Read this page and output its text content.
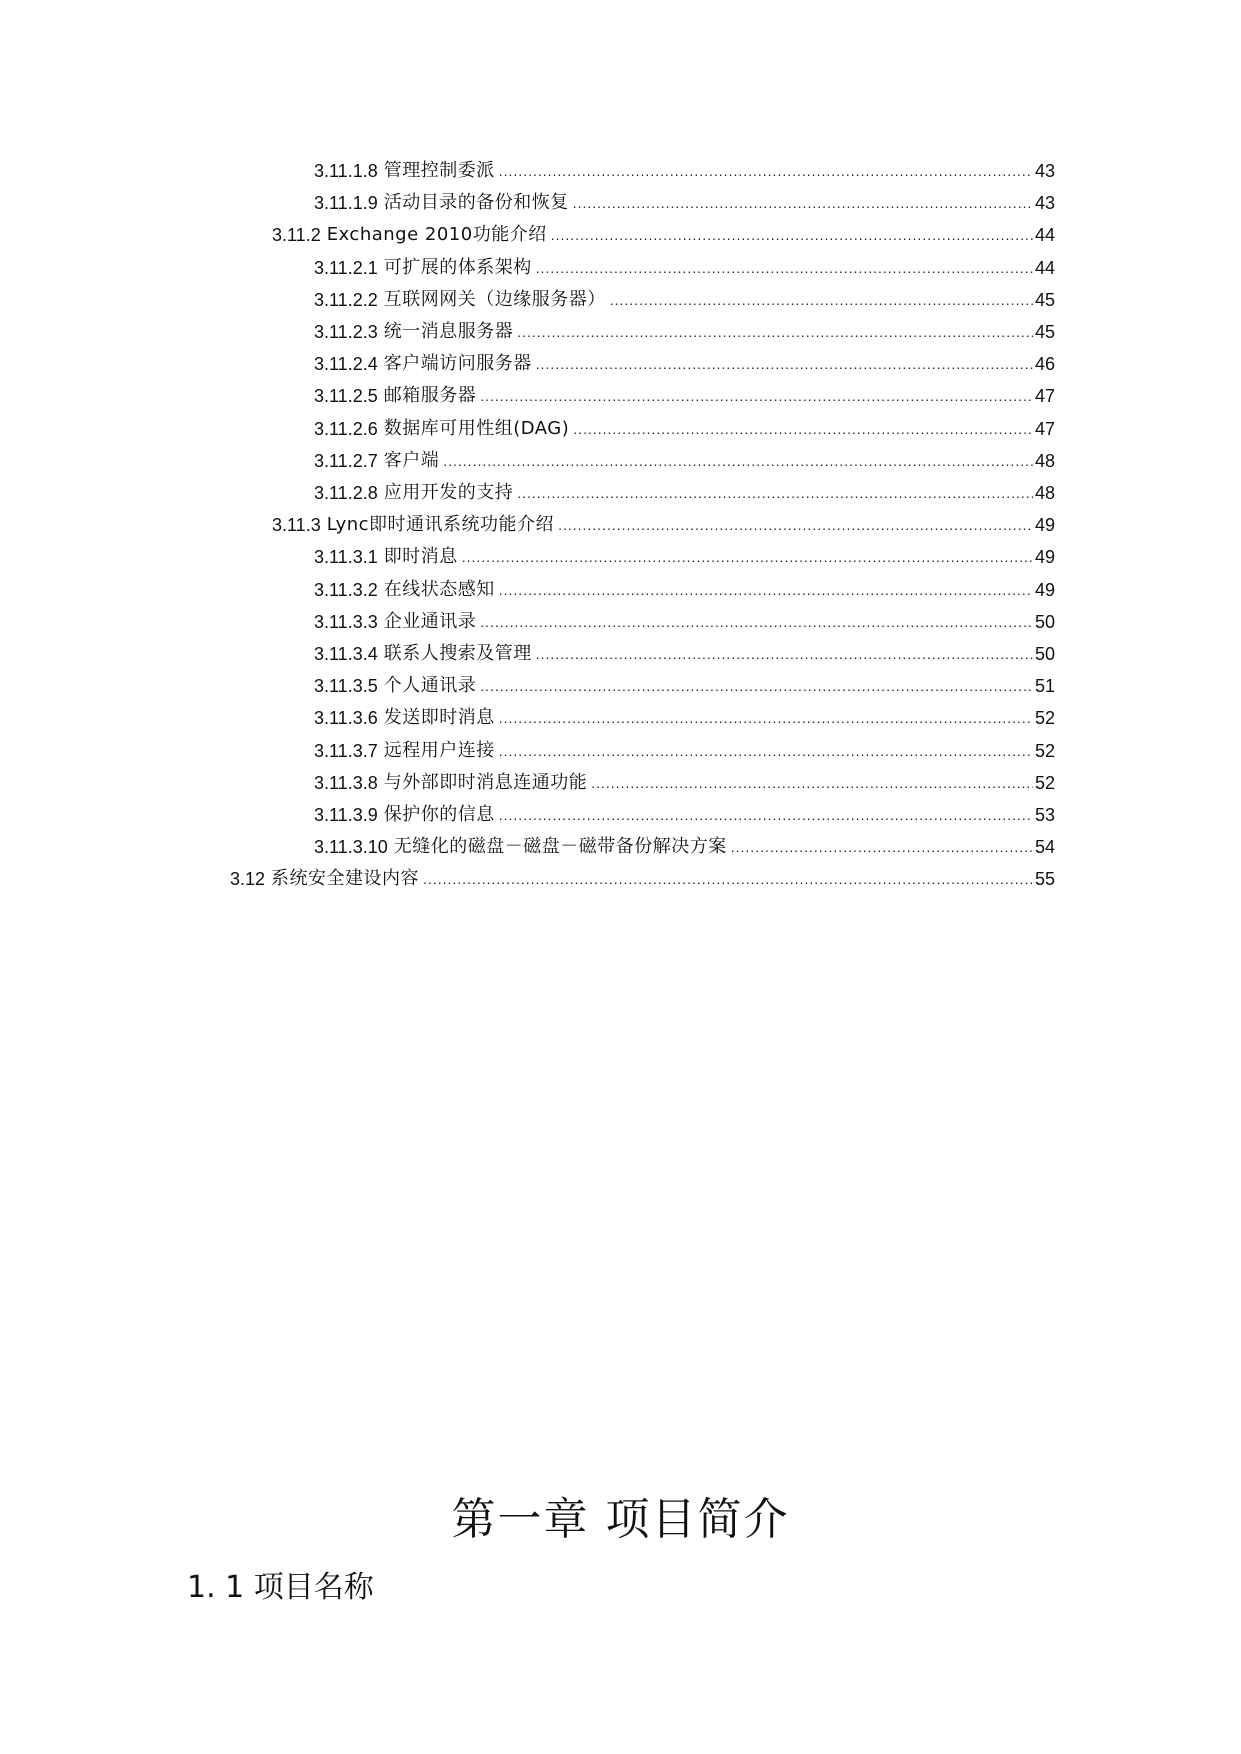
3.11.1.8 管理控制委派 .....	43
3.11.1.9 活动目录的备份和恢复 .....	43
3.11.2 Exchange 2010功能介绍 .....	44
3.11.2.1 可扩展的体系架构 .....	44
3.11.2.2 互联网网关（边缘服务器） .....	45
3.11.2.3 统一消息服务器 .....	45
3.11.2.4 客户端访问服务器 .....	46
3.11.2.5 邮箱服务器 .....	47
3.11.2.6 数据库可用性组(DAG) .....	47
3.11.2.7 客户端 .....	48
3.11.2.8 应用开发的支持 .....	48
3.11.3 Lync即时通讯系统功能介绍 .....	49
3.11.3.1 即时消息 .....	49
3.11.3.2 在线状态感知 .....	49
3.11.3.3 企业通讯录 .....	50
3.11.3.4 联系人搜索及管理 .....	50
3.11.3.5 个人通讯录 .....	51
3.11.3.6 发送即时消息 .....	52
3.11.3.7 远程用户连接 .....	52
3.11.3.8 与外部即时消息连通功能 .....	52
3.11.3.9 保护你的信息 .....	53
3.11.3.10 无缝化的磁盘－磁盘－磁带备份解决方案 .....	54
3.12 系统安全建设内容 .....	55
第一章 项目简介
1. 1 项目名称
